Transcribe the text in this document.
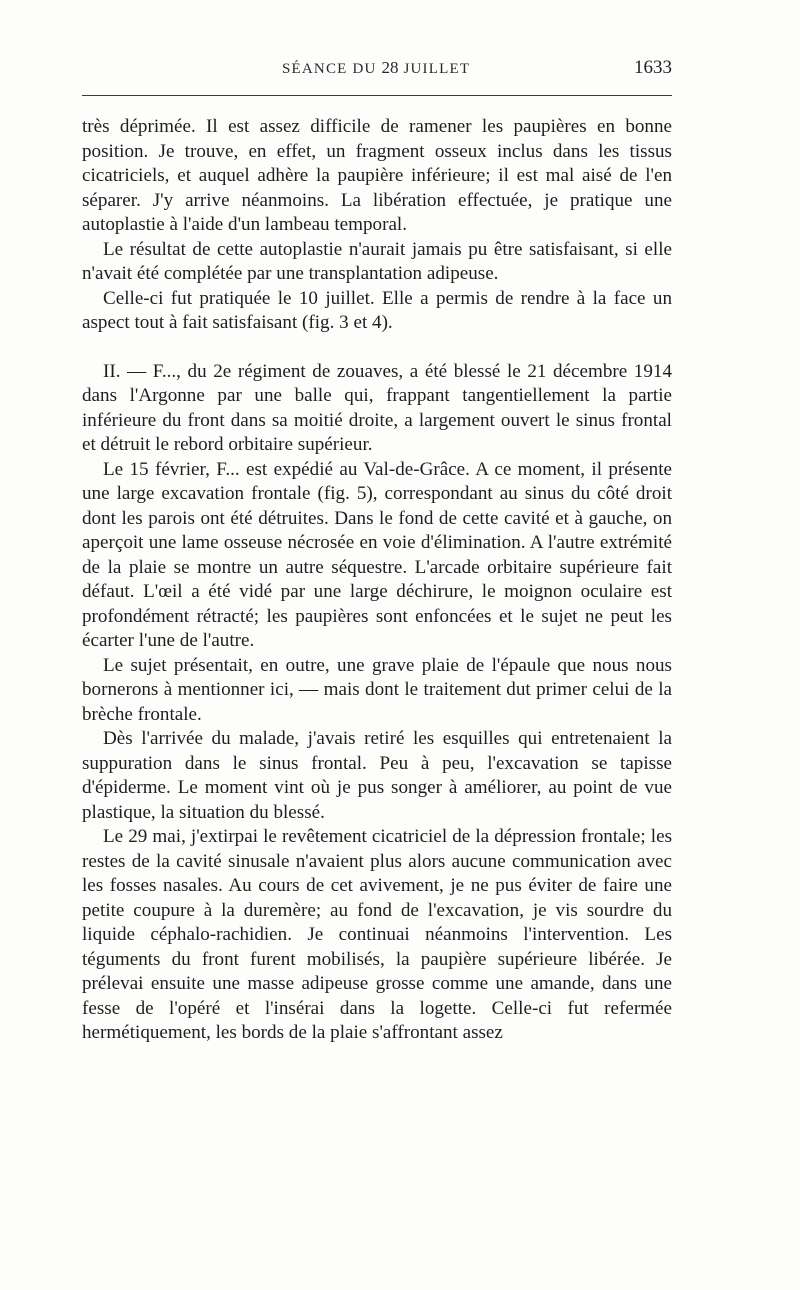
SÉANCE DU 28 JUILLET	1633

très déprimée. Il est assez difficile de ramener les paupières en bonne position. Je trouve, en effet, un fragment osseux inclus dans les tissus cicatriciels, et auquel adhère la paupière inférieure; il est mal aisé de l'en séparer. J'y arrive néanmoins. La libération effectuée, je pratique une autoplastie à l'aide d'un lambeau temporal.

Le résultat de cette autoplastie n'aurait jamais pu être satisfaisant, si elle n'avait été complétée par une transplantation adipeuse.

Celle-ci fut pratiquée le 10 juillet. Elle a permis de rendre à la face un aspect tout à fait satisfaisant (fig. 3 et 4).

II. — F..., du 2e régiment de zouaves, a été blessé le 21 décembre 1914 dans l'Argonne par une balle qui, frappant tangentiellement la partie inférieure du front dans sa moitié droite, a largement ouvert le sinus frontal et détruit le rebord orbitaire supérieur.

Le 15 février, F... est expédié au Val-de-Grâce. A ce moment, il présente une large excavation frontale (fig. 5), correspondant au sinus du côté droit dont les parois ont été détruites. Dans le fond de cette cavité et à gauche, on aperçoit une lame osseuse nécrosée en voie d'élimination. A l'autre extrémité de la plaie se montre un autre séquestre. L'arcade orbitaire supérieure fait défaut. L'œil a été vidé par une large déchirure, le moignon oculaire est profondément rétracté; les paupières sont enfoncées et le sujet ne peut les écarter l'une de l'autre.

Le sujet présentait, en outre, une grave plaie de l'épaule que nous nous bornerons à mentionner ici, — mais dont le traitement dut primer celui de la brèche frontale.

Dès l'arrivée du malade, j'avais retiré les esquilles qui entretenaient la suppuration dans le sinus frontal. Peu à peu, l'excavation se tapisse d'épiderme. Le moment vint où je pus songer à améliorer, au point de vue plastique, la situation du blessé.

Le 29 mai, j'extirpai le revêtement cicatriciel de la dépression frontale; les restes de la cavité sinusale n'avaient plus alors aucune communication avec les fosses nasales. Au cours de cet avivement, je ne pus éviter de faire une petite coupure à la duremère; au fond de l'excavation, je vis sourdre du liquide céphalo-rachidien. Je continuai néanmoins l'intervention. Les téguments du front furent mobilisés, la paupière supérieure libérée. Je prélevai ensuite une masse adipeuse grosse comme une amande, dans une fesse de l'opéré et l'insérai dans la logette. Celle-ci fut refermée hermétiquement, les bords de la plaie s'affrontant assez
